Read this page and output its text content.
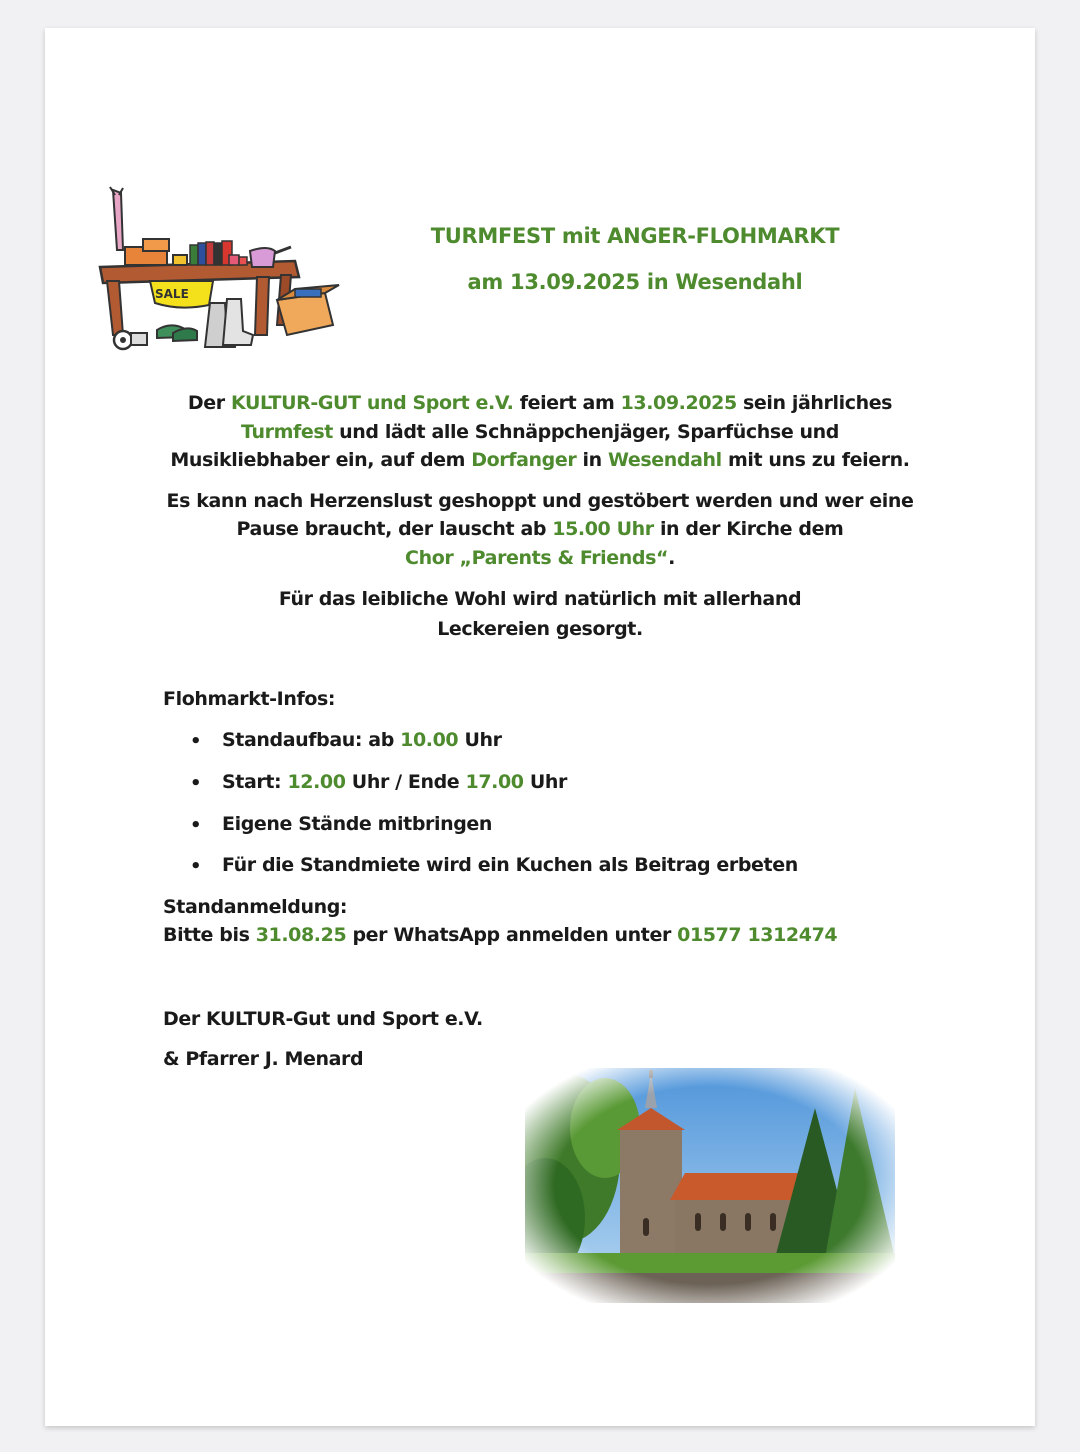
SALE

TURMFEST mit ANGER-FLOHMARKT

am 13.09.2025 in Wesendahl

Der KULTUR-GUT und Sport e.V. feiert am 13.09.2025 sein jährliches

Turmfest und lädt alle Schnäppchenjäger, Sparfüchse und

Musikliebhaber ein, auf dem Dorfanger in Wesendahl mit uns zu feiern.

Es kann nach Herzenslust geshoppt und gestöbert werden und wer eine

Pause braucht, der lauscht ab 15.00 Uhr in der Kirche dem

Chor „Parents & Friends“.

Für das leibliche Wohl wird natürlich mit allerhand

Leckereien gesorgt.

Flohmarkt-Infos:

• Standaufbau: ab 10.00 Uhr

• Start: 12.00 Uhr / Ende 17.00 Uhr

• Eigene Stände mitbringen

• Für die Standmiete wird ein Kuchen als Beitrag erbeten

Standanmeldung:

Bitte bis 31.08.25 per WhatsApp anmelden unter 01577 1312474

Der KULTUR-Gut und Sport e.V.

& Pfarrer J. Menard
